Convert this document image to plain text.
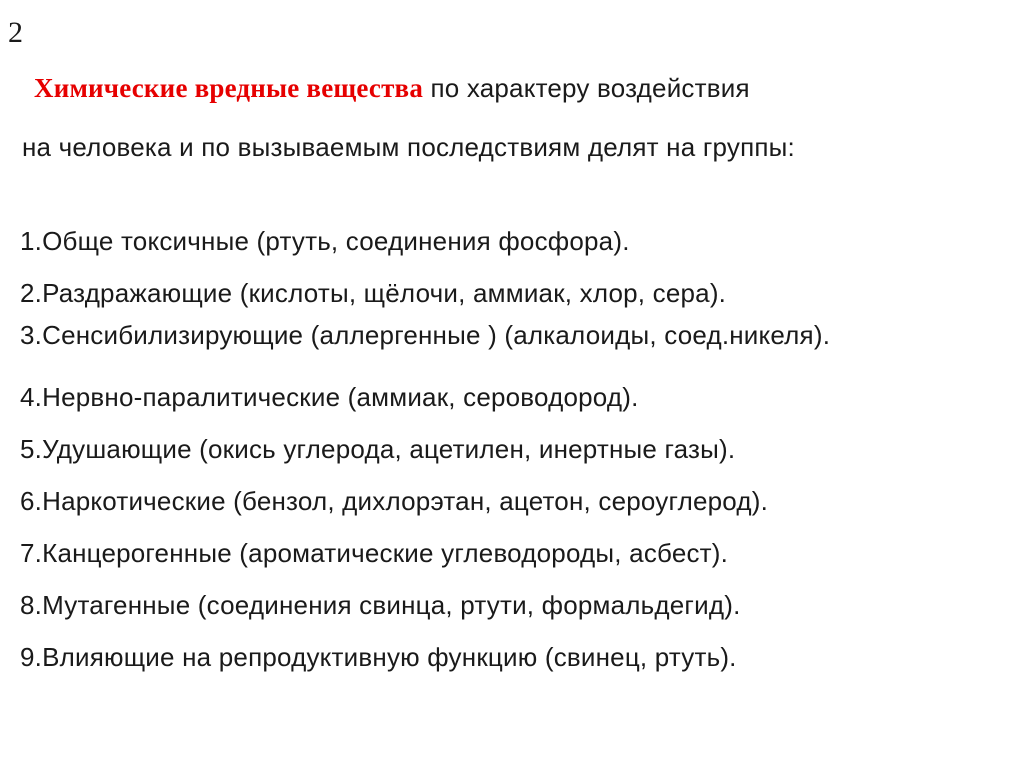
2
Химические вредные вещества по характеру воздействия
на человека и по вызываемым последствиям делят на группы:
1.Обще токсичные (ртуть, соединения фосфора).
2.Раздражающие (кислоты, щёлочи, аммиак, хлор, сера).
3.Сенсибилизирующие (аллергенные ) (алкалоиды, соед.никеля).
4.Нервно-паралитические (аммиак, сероводород).
5.Удушающие (окись углерода, ацетилен, инертные газы).
6.Наркотические (бензол, дихлорэтан, ацетон, сероуглерод).
7.Канцерогенные (ароматические углеводороды, асбест).
8.Мутагенные (соединения свинца, ртути, формальдегид).
9.Влияющие на репродуктивную функцию (свинец, ртуть).
